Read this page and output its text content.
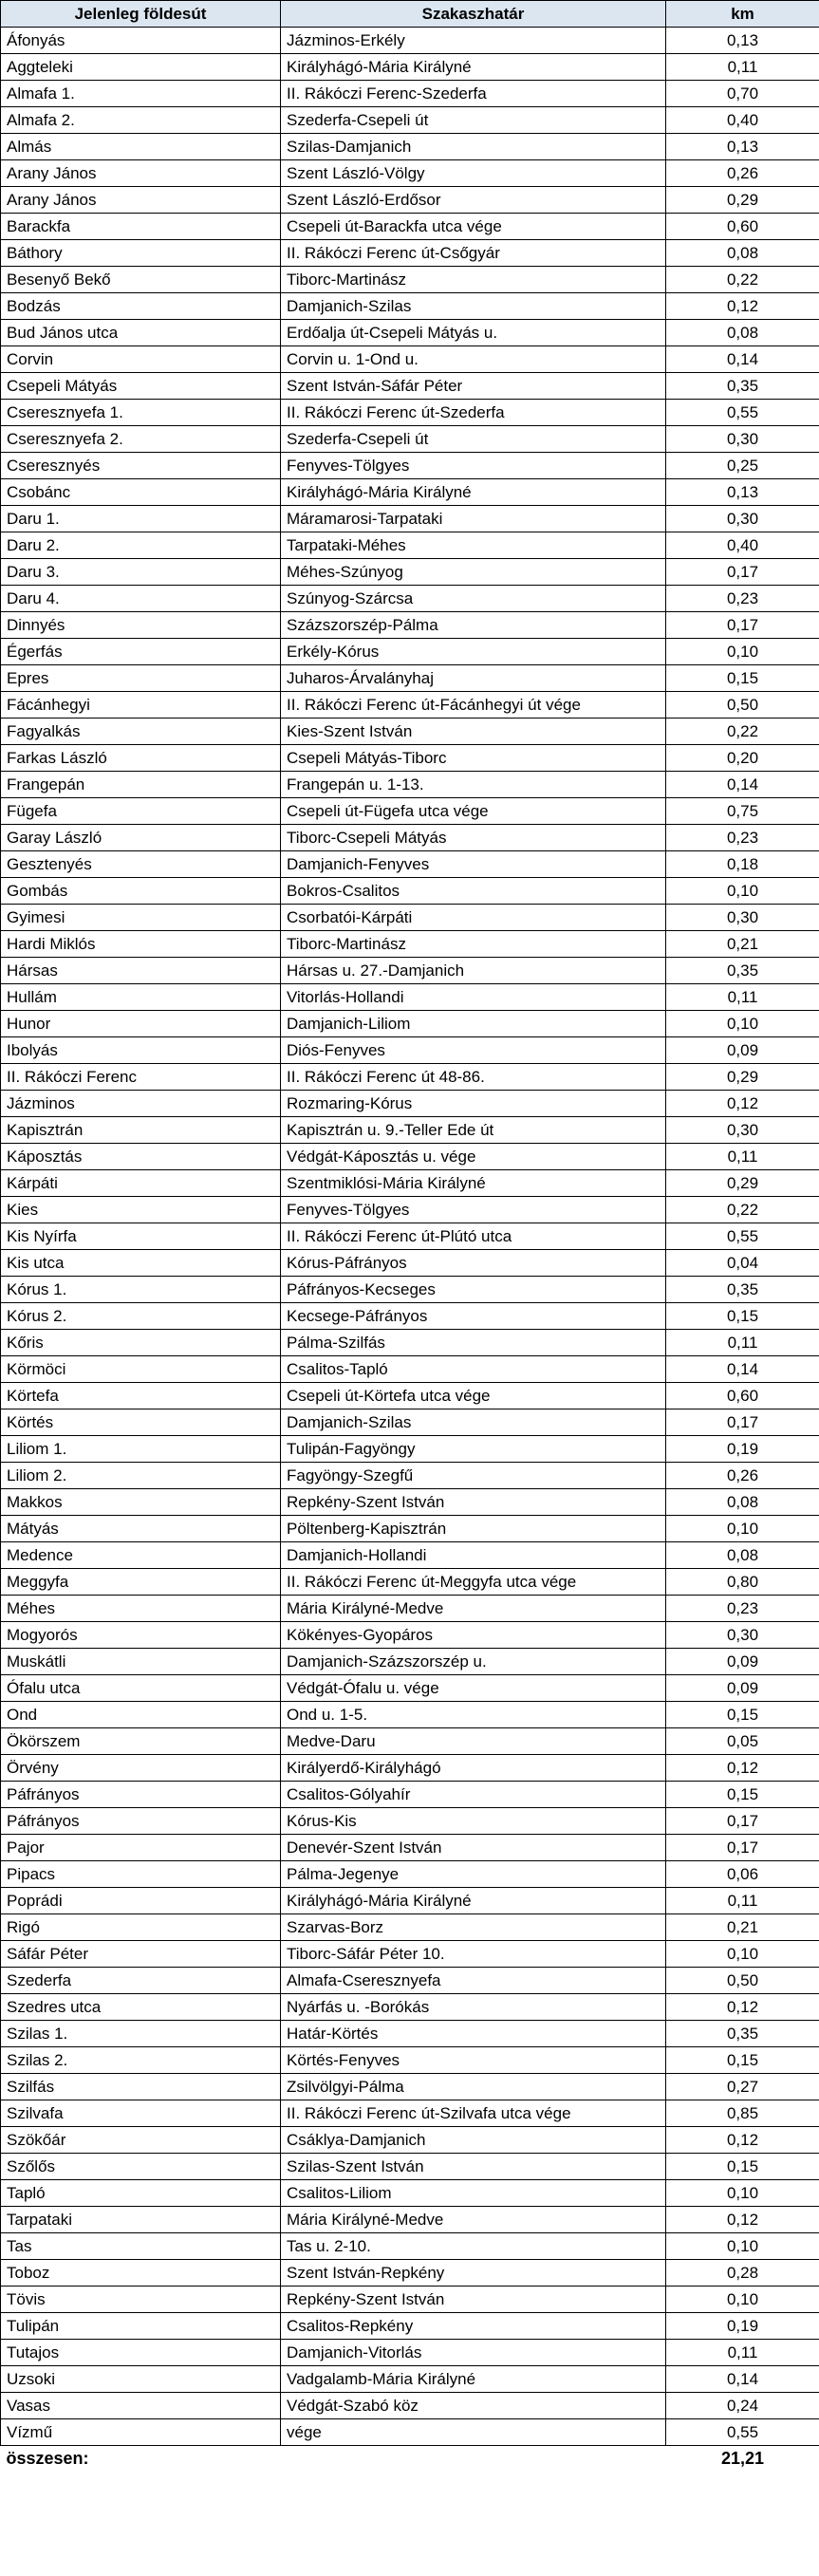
Jelenleg földesút	Szakaszhatár	km
Áfonyás	Jázminos-Erkély	0,13
Aggteleki	Királyhágó-Mária Királyné	0,11
Almafa 1.	II. Rákóczi Ferenc-Szederfa	0,70
Almafa 2.	Szederfa-Csepeli út	0,40
Almás	Szilas-Damjanich	0,13
Arany János	Szent László-Völgy	0,26
Arany János	Szent László-Erdősor	0,29
Barackfa	Csepeli út-Barackfa utca vége	0,60
Báthory	II. Rákóczi Ferenc út-Csőgyár	0,08
Besenyő Bekő	Tiborc-Martinász	0,22
Bodzás	Damjanich-Szilas	0,12
Bud János utca	Erdőalja út-Csepeli Mátyás u.	0,08
Corvin	Corvin u. 1-Ond u.	0,14
Csepeli Mátyás	Szent István-Sáfár Péter	0,35
Cseresznyefa 1.	II. Rákóczi Ferenc út-Szederfa	0,55
Cseresznyefa 2.	Szederfa-Csepeli út	0,30
Cseresznyés	Fenyves-Tölgyes	0,25
Csobánc	Királyhágó-Mária Királyné	0,13
Daru 1.	Máramarosi-Tarpataki	0,30
Daru 2.	Tarpataki-Méhes	0,40
Daru 3.	Méhes-Szúnyog	0,17
Daru 4.	Szúnyog-Szárcsa	0,23
Dinnyés	Százszorszép-Pálma	0,17
Égerfás	Erkély-Kórus	0,10
Epres	Juharos-Árvalányhaj	0,15
Fácánhegyi	II. Rákóczi Ferenc út-Fácánhegyi út vége	0,50
Fagyalkás	Kies-Szent István	0,22
Farkas László	Csepeli Mátyás-Tiborc	0,20
Frangepán	Frangepán u. 1-13.	0,14
Fügefa	Csepeli út-Fügefa utca vége	0,75
Garay László	Tiborc-Csepeli Mátyás	0,23
Gesztenyés	Damjanich-Fenyves	0,18
Gombás	Bokros-Csalitos	0,10
Gyimesi	Csorbatói-Kárpáti	0,30
Hardi Miklós	Tiborc-Martinász	0,21
Hársas	Hársas u. 27.-Damjanich	0,35
Hullám	Vitorlás-Hollandi	0,11
Hunor	Damjanich-Liliom	0,10
Ibolyás	Diós-Fenyves	0,09
II. Rákóczi Ferenc	II. Rákóczi Ferenc út 48-86.	0,29
Jázminos	Rozmaring-Kórus	0,12
Kapisztrán	Kapisztrán u. 9.-Teller Ede út	0,30
Káposztás	Védgát-Káposztás u. vége	0,11
Kárpáti	Szentmiklósi-Mária Királyné	0,29
Kies	Fenyves-Tölgyes	0,22
Kis Nyírfa	II. Rákóczi Ferenc út-Plútó utca	0,55
Kis utca	Kórus-Páfrányos	0,04
Kórus 1.	Páfrányos-Kecseges	0,35
Kórus 2.	Kecsege-Páfrányos	0,15
Kőris	Pálma-Szilfás	0,11
Körmöci	Csalitos-Tapló	0,14
Körtefa	Csepeli út-Körtefa utca vége	0,60
Körtés	Damjanich-Szilas	0,17
Liliom 1.	Tulipán-Fagyöngy	0,19
Liliom 2.	Fagyöngy-Szegfű	0,26
Makkos	Repkény-Szent István	0,08
Mátyás	Pöltenberg-Kapisztrán	0,10
Medence	Damjanich-Hollandi	0,08
Meggyfa	II. Rákóczi Ferenc út-Meggyfa utca vége	0,80
Méhes	Mária Királyné-Medve	0,23
Mogyorós	Kökényes-Gyopáros	0,30
Muskátli	Damjanich-Százszorszép u.	0,09
Ófalu utca	Védgát-Ófalu u. vége	0,09
Ond	Ond u. 1-5.	0,15
Ökörszem	Medve-Daru	0,05
Örvény	Királyerdő-Királyhágó	0,12
Páfrányos	Csalitos-Gólyahír	0,15
Páfrányos	Kórus-Kis	0,17
Pajor	Denevér-Szent István	0,17
Pipacs	Pálma-Jegenye	0,06
Poprádi	Királyhágó-Mária Királyné	0,11
Rigó	Szarvas-Borz	0,21
Sáfár Péter	Tiborc-Sáfár Péter 10.	0,10
Szederfa	Almafa-Cseresznyefa	0,50
Szedres utca	Nyárfás u. -Borókás	0,12
Szilas 1.	Határ-Körtés	0,35
Szilas 2.	Körtés-Fenyves	0,15
Szilfás	Zsilvölgyi-Pálma	0,27
Szilvafa	II. Rákóczi Ferenc út-Szilvafa utca vége	0,85
Szökőár	Csáklya-Damjanich	0,12
Szőlős	Szilas-Szent István	0,15
Tapló	Csalitos-Liliom	0,10
Tarpataki	Mária Királyné-Medve	0,12
Tas	Tas u. 2-10.	0,10
Toboz	Szent István-Repkény	0,28
Tövis	Repkény-Szent István	0,10
Tulipán	Csalitos-Repkény	0,19
Tutajos	Damjanich-Vitorlás	0,11
Uzsoki	Vadgalamb-Mária Királyné	0,14
Vasas	Védgát-Szabó köz	0,24
Vízmű	vége	0,55
összesen:		21,21
